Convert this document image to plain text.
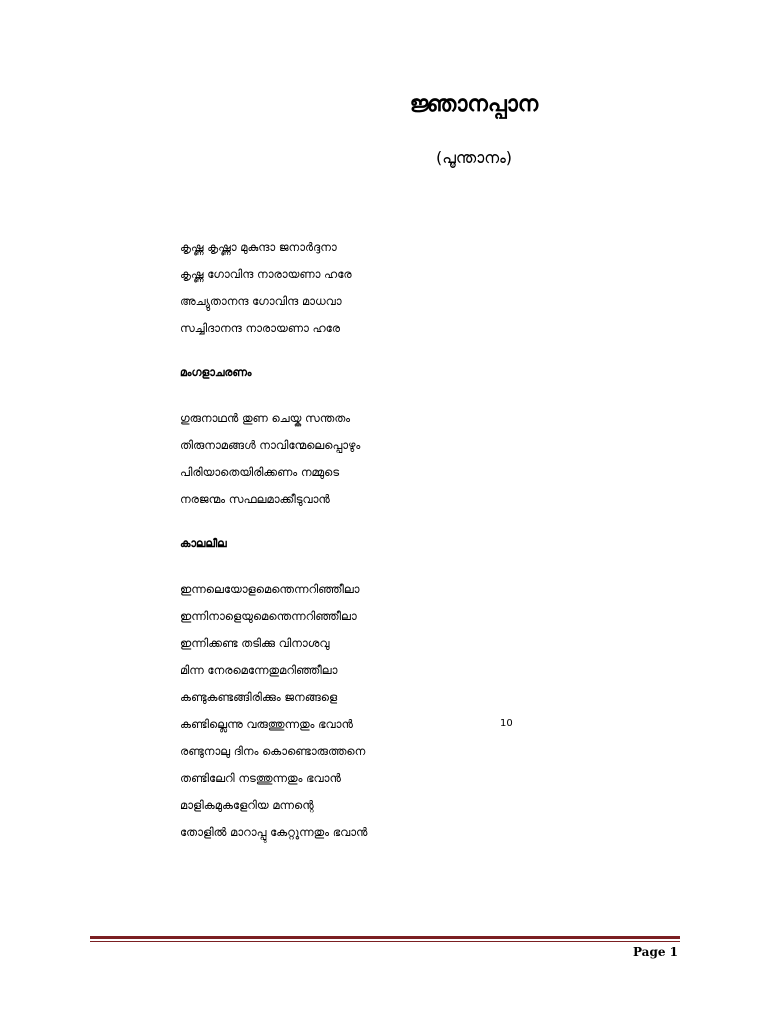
ജ്ഞാനപ്പാന
(പൂന്താനം)
കൃഷ്ണ കൃഷ്ണാ മുകുന്ദാ ജനാർദ്ദനാ
കൃഷ്ണ ഗോവിന്ദ നാരായണാ ഹരേ
അച്യുതാനന്ദ ഗോവിന്ദ മാധവാ
സച്ചിദാനന്ദ നാരായണാ ഹരേ
മംഗളാചരണം
ഗുരുനാഥൻ തുണ ചെയ്ക സന്തതം
തിരുനാമങ്ങൾ നാവിന്മേലെപ്പൊഴും
പിരിയാതെയിരിക്കണം നമ്മുടെ
നരജന്മം സഫലമാക്കീടുവാൻ
കാലലീല
ഇന്നലെയോളമെന്തെന്നറിഞ്ഞീലാ
ഇന്നിനാളെയുമെന്തെന്നറിഞ്ഞീലാ
ഇന്നിക്കണ്ട തടിക്കു വിനാശവു
മിന്ന നേരമെന്നേതുമറിഞ്ഞീലാ
കണ്ടുകണ്ടങ്ങിരിക്കും ജനങ്ങളെ
കണ്ടില്ലെന്നു വരുത്തുന്നതും ഭവാൻ	10
രണ്ടുനാലു ദിനം കൊണ്ടൊരുത്തനെ
തണ്ടിലേറി നടത്തുന്നതും ഭവാൻ
മാളികമുകളേറിയ മന്നന്റെ
തോളിൽ മാറാപ്പു കേറ്റുന്നതും ഭവാൻ
Page 1
